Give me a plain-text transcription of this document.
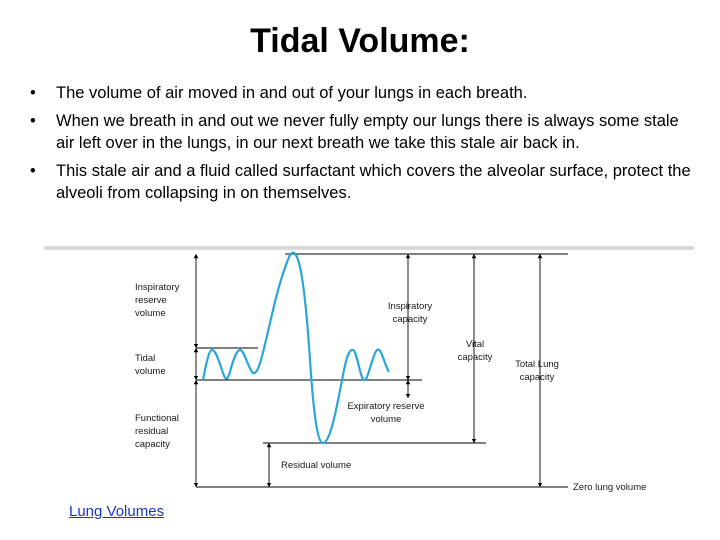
Tidal Volume:
• The volume of air moved in and out of your lungs in each breath.
• When we breath in and out we never fully empty our lungs there is always some stale air left over in the lungs, in our next breath we take this stale air back in.
• This stale air and a fluid called surfactant which covers the alveolar surface, protect the alveoli from collapsing in on themselves.
Inspiratory
reserve
volume
Tidal
volume
Functional
residual
capacity
Inspiratory
capacity
Vital
capacity
Total Lung
capacity
Expiratory reserve
volume
Residual volume
Zero lung volume
Lung Volumes
